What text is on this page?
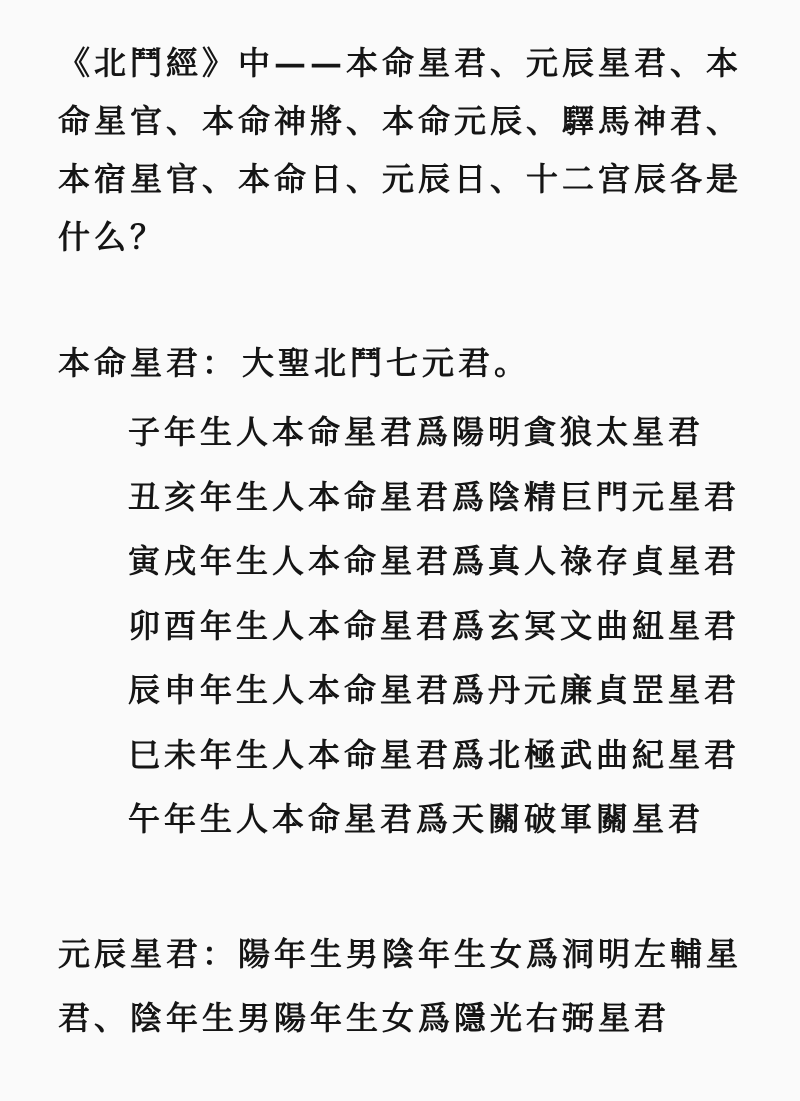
《北鬥經》中——本命星君、元辰星君、本命星官、本命神將、本命元辰、驛馬神君、本宿星官、本命日、元辰日、十二宫辰各是什么？

本命星君： 大聖北鬥七元君。

子年生人本命星君爲陽明貪狼太星君
丑亥年生人本命星君爲陰精巨門元星君
寅戌年生人本命星君爲真人祿存貞星君
卯酉年生人本命星君爲玄冥文曲紐星君
辰申年生人本命星君爲丹元廉貞罡星君
巳未年生人本命星君爲北極武曲紀星君
午年生人本命星君爲天關破軍關星君

元辰星君：陽年生男陰年生女爲洞明左輔星君、陰年生男陽年生女爲隱光右弼星君
